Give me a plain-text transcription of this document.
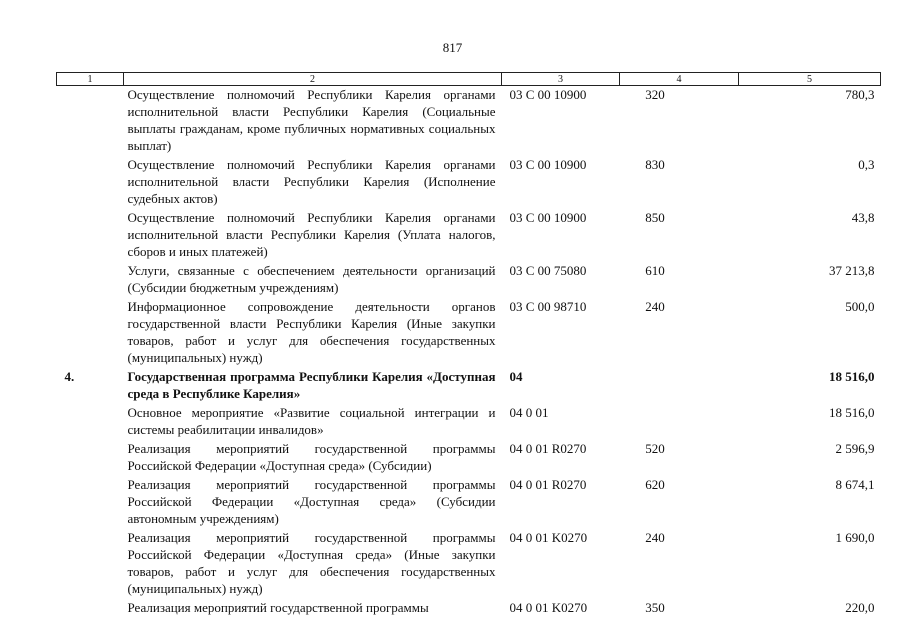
817
1	2	3	4	5
	Осуществление полномочий Республики Карелия органами исполнительной власти Республики Карелия (Социальные выплаты гражданам, кроме публичных нормативных социальных выплат)	03 С 00 10900	320	780,3
	Осуществление полномочий Республики Карелия органами исполнительной власти Республики Карелия (Исполнение судебных актов)	03 С 00 10900	830	0,3
	Осуществление полномочий Республики Карелия органами исполнительной власти Республики Карелия (Уплата налогов, сборов и иных платежей)	03 С 00 10900	850	43,8
	Услуги, связанные с обеспечением деятельности организаций (Субсидии бюджетным учреждениям)	03 С 00 75080	610	37 213,8
	Информационное сопровождение деятельности органов государственной власти Республики Карелия (Иные закупки товаров, работ и услуг для обеспечения государственных (муниципальных) нужд)	03 С 00 98710	240	500,0
4.	Государственная программа Республики Карелия «Доступная среда в Республике Карелия»	04		18 516,0
	Основное мероприятие «Развитие социальной интеграции и системы реабилитации инвалидов»	04 0 01		18 516,0
	Реализация мероприятий государственной программы Российской Федерации «Доступная среда» (Субсидии)	04 0 01 R0270	520	2 596,9
	Реализация мероприятий государственной программы Российской Федерации «Доступная среда» (Субсидии автономным учреждениям)	04 0 01 R0270	620	8 674,1
	Реализация мероприятий государственной программы Российской Федерации «Доступная среда» (Иные закупки товаров, работ и услуг для обеспечения государственных (муниципальных) нужд)	04 0 01 K0270	240	1 690,0
	Реализация мероприятий государственной программы	04 0 01 K0270	350	220,0
